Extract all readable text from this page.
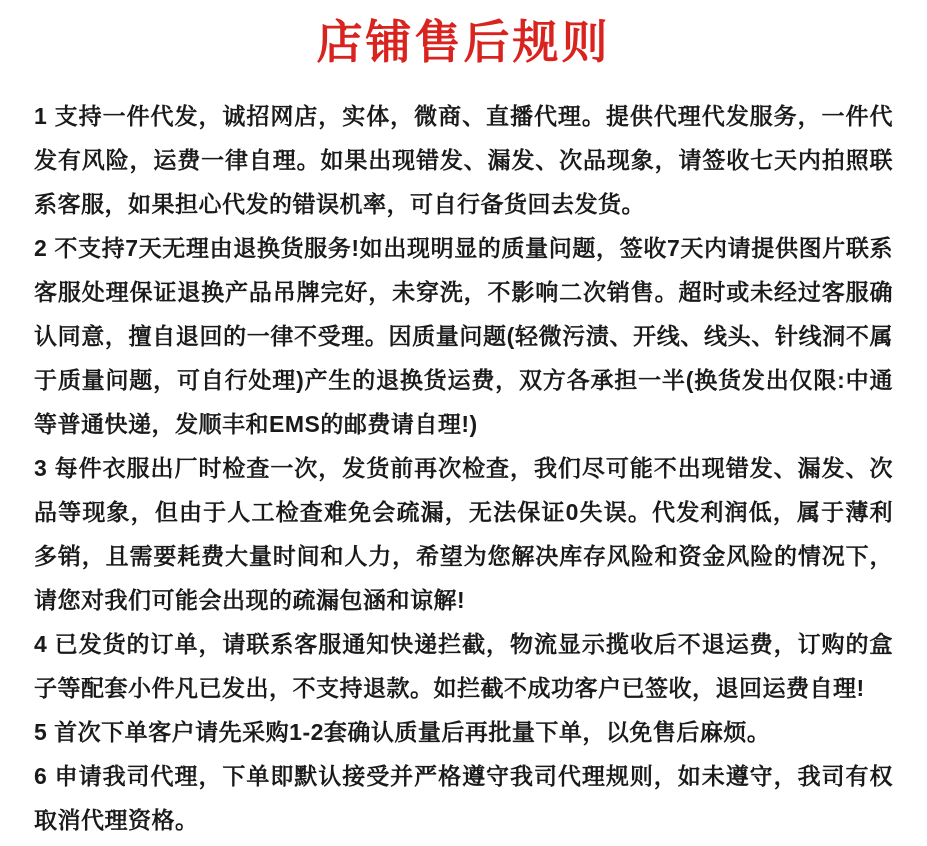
店铺售后规则

1 支持一件代发，诚招网店，实体，微商、直播代理。提供代理代发服务，一件代发有风险，运费一律自理。如果出现错发、漏发、次品现象，请签收七天内拍照联系客服，如果担心代发的错误机率，可自行备货回去发货。

2 不支持7天无理由退换货服务!如出现明显的质量问题，签收7天内请提供图片联系客服处理保证退换产品吊牌完好，未穿洗，不影响二次销售。超时或未经过客服确认同意，擅自退回的一律不受理。因质量问题(轻微污渍、开线、线头、针线洞不属于质量问题，可自行处理)产生的退换货运费，双方各承担一半(换货发出仅限:中通等普通快递，发顺丰和EMS的邮费请自理!)

3 每件衣服出厂时检查一次，发货前再次检查，我们尽可能不出现错发、漏发、次品等现象，但由于人工检查难免会疏漏，无法保证0失误。代发利润低，属于薄利多销，且需要耗费大量时间和人力，希望为您解决库存风险和资金风险的情况下，请您对我们可能会出现的疏漏包涵和谅解!

4 已发货的订单，请联系客服通知快递拦截，物流显示揽收后不退运费，订购的盒子等配套小件凡已发出，不支持退款。如拦截不成功客户已签收，退回运费自理!

5 首次下单客户请先采购1-2套确认质量后再批量下单，以免售后麻烦。

6 申请我司代理，下单即默认接受并严格遵守我司代理规则，如未遵守，我司有权取消代理资格。
